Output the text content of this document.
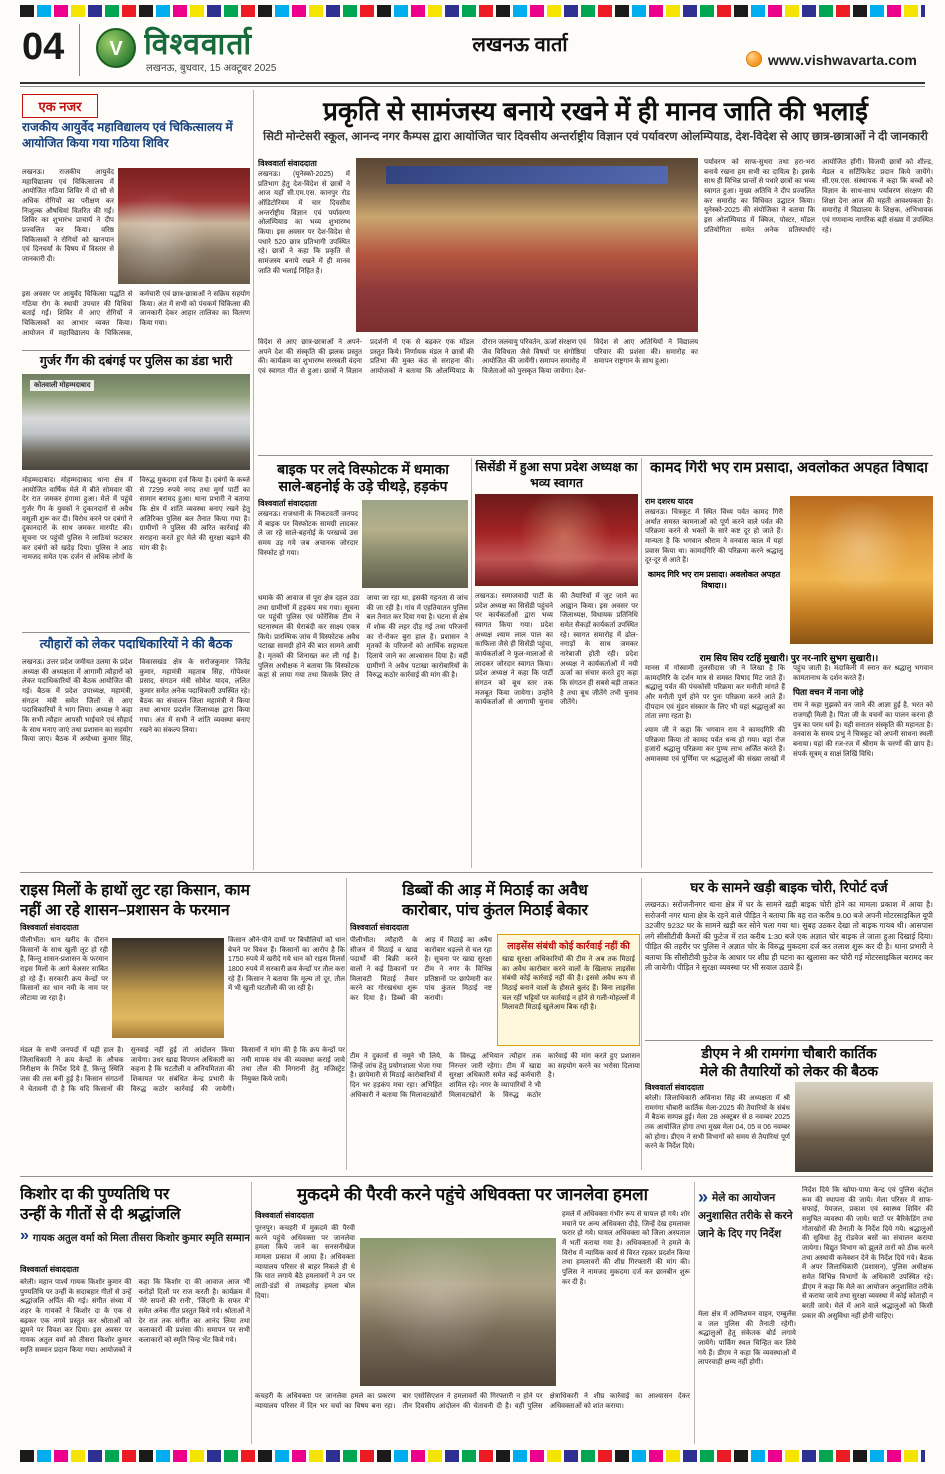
04	V विश्ववार्ता
लखनऊ, बुधवार, 15 अक्टूबर 2025
लखनऊ वार्ता
www.vishwavarta.com
एक नजर
राजकीय आयुर्वेद महाविद्यालय एवं चिकित्सालय में आयोजित किया गया गठिया शिविर
लखनऊ। राजकीय आयुर्वेद महाविद्यालय एवं चिकित्सालय में आयोजित गठिया शिविर में दो सौ से अधिक रोगियों का परीक्षण कर निःशुल्क औषधियां वितरित की गईं। शिविर का शुभारंभ प्राचार्य ने दीप प्रज्वलित कर किया। वरिष्ठ चिकित्सकों ने रोगियों को खानपान एवं दिनचर्या के विषय में विस्तार से जानकारी दी।
इस अवसर पर आयुर्वेद चिकित्सा पद्धति से गठिया रोग के स्थायी उपचार की विधियां बताई गईं। शिविर में आए रोगियों ने चिकित्सकों का आभार व्यक्त किया। आयोजन में महाविद्यालय के चिकित्सक, कर्मचारी एवं छात्र-छात्राओं ने सक्रिय सहयोग किया। अंत में सभी को पंचकर्म चिकित्सा की जानकारी देकर आहार तालिका का वितरण किया गया।
गुर्जर गैंग की दबंगई पर पुलिस का डंडा भारी
कोतवाली मोहम्मदाबाद
मोहम्मदाबाद। मोहम्मदाबाद थाना क्षेत्र में आयोजित वार्षिक मेले में बीते सोमवार की देर रात जमकर हंगामा हुआ। मेले में पहुंचे गुर्जर गैंग के युवकों ने दुकानदारों से अवैध वसूली शुरू कर दी। विरोध करने पर दबंगों ने दुकानदारों के साथ जमकर मारपीट की। सूचना पर पहुंची पुलिस ने लाठियां फटकार कर दबंगों को खदेड़ दिया। पुलिस ने आठ नामजद समेत एक दर्जन से अधिक लोगों के विरुद्ध मुकदमा दर्ज किया है। दबंगों के कब्जे से 7299 रुपये नगद तथा मुर्गा पार्टी का सामान बरामद हुआ। थाना प्रभारी ने बताया कि क्षेत्र में शांति व्यवस्था बनाए रखने हेतु अतिरिक्त पुलिस बल तैनात किया गया है। ग्रामीणों ने पुलिस की त्वरित कार्रवाई की सराहना करते हुए मेले की सुरक्षा बढ़ाने की मांग की है।
त्यौहारों को लेकर पदाधिकारियों ने की बैठक
लखनऊ। उत्तर प्रदेश जमीयत उलमा के प्रदेश अध्यक्ष की अध्यक्षता में आगामी त्यौहारों को लेकर पदाधिकारियों की बैठक आयोजित की गई। बैठक में प्रदेश उपाध्यक्ष, महामंत्री, संगठन मंत्री समेत जिलों से आए पदाधिकारियों ने भाग लिया। अध्यक्ष ने कहा कि सभी त्यौहार आपसी भाईचारे एवं सौहार्द के साथ मनाए जाएं तथा प्रशासन का सहयोग किया जाए। बैठक में अयोध्या कुमार सिंह, विकासखंड क्षेत्र के सरोजकुमार जितेंद्र कुमार, महामंत्री महताब सिंह, गोपेश्वर प्रसाद, संगठन मंत्री सोमेश यादव, ललित कुमार समेत अनेक पदाधिकारी उपस्थित रहे। बैठक का संचालन जिला महामंत्री ने किया तथा आभार प्रदर्शन जिलाध्यक्ष द्वारा किया गया। अंत में सभी ने शांति व्यवस्था बनाए रखने का संकल्प लिया।
प्रकृति से सामंजस्य बनाये रखने में ही मानव जाति की भलाई
सिटी मोन्टेसरी स्कूल, आनन्द नगर कैम्पस द्वारा आयोजित चार दिवसीय अन्तर्राष्ट्रीय विज्ञान एवं पर्यावरण ओलम्पियाड, देश-विदेश से आए छात्र-छात्राओं ने दी जानकारी
विश्ववार्ता संवाददाता
लखनऊ। (यूनेस्को-2025) में प्रतिभाग हेतु देश-विदेश से छात्रों ने आज यहाँ सी.एम.एस. कानपुर रोड ऑडिटोरियम में चार दिवसीय अन्तर्राष्ट्रीय विज्ञान एवं पर्यावरण ओलम्पियाड का भव्य शुभारम्भ किया। इस अवसर पर देश-विदेश से पधारे 520 छात्र प्रतिभागी उपस्थित रहे। छात्रों ने कहा कि प्रकृति से सामंजस्य बनाये रखने में ही मानव जाति की भलाई निहित है।
पर्यावरण को साफ-सुथरा तथा हरा-भरा बनाये रखना हम सभी का दायित्व है। इसके साथ ही विभिन्न प्रान्तों से पधारे छात्रों का भव्य स्वागत हुआ। मुख्य अतिथि ने दीप प्रज्वलित कर समारोह का विधिवत उद्घाटन किया। यूनेस्को-2025 की संयोजिका ने बताया कि इस ओलम्पियाड में क्विज, पोस्टर, मॉडल प्रतियोगिता समेत अनेक प्रतिस्पर्धाएं आयोजित होंगी। विजयी छात्रों को शील्ड, मेडल व सर्टिफिकेट प्रदान किये जायेंगे। सी.एम.एस. संस्थापक ने कहा कि बच्चों को विज्ञान के साथ-साथ पर्यावरण संरक्षण की शिक्षा देना आज की महती आवश्यकता है। समारोह में विद्यालय के शिक्षक, अभिभावक एवं गणमान्य नागरिक बड़ी संख्या में उपस्थित रहे।
विदेश से आए छात्र-छात्राओं ने अपने-अपने देश की संस्कृति की झलक प्रस्तुत की। कार्यक्रम का शुभारम्भ सरस्वती वंदना एवं स्वागत गीत से हुआ। छात्रों ने विज्ञान प्रदर्शनी में एक से बढ़कर एक मॉडल प्रस्तुत किये। निर्णायक मंडल ने छात्रों की प्रतिभा की मुक्त कंठ से सराहना की। आयोजकों ने बताया कि ओलम्पियाड के दौरान जलवायु परिवर्तन, ऊर्जा संरक्षण एवं जैव विविधता जैसे विषयों पर संगोष्ठियां आयोजित की जायेंगी। समापन समारोह में विजेताओं को पुरस्कृत किया जायेगा। देश-विदेश से आए अतिथियों ने विद्यालय परिवार की प्रशंसा की। समारोह का समापन राष्ट्रगान के साथ हुआ।
बाइक पर लदे विस्फोटक में धमाका
साले-बहनोई के उड़े चीथड़े, हड़कंप
विश्ववार्ता संवाददाता
लखनऊ। राजधानी के निकटवर्ती जनपद में बाइक पर विस्फोटक सामग्री लादकर ले जा रहे साले-बहनोई के परखच्चे उस समय उड़ गये जब अचानक जोरदार विस्फोट हो गया।
धमाके की आवाज से पूरा क्षेत्र दहल उठा तथा ग्रामीणों में हड़कंप मच गया। सूचना पर पहुंची पुलिस एवं फोरेंसिक टीम ने घटनास्थल की घेराबंदी कर साक्ष्य एकत्र किये। प्रारम्भिक जांच में विस्फोटक अवैध पटाखा सामग्री होने की बात सामने आयी है। मृतकों की शिनाख्त कर ली गई है। पुलिस अधीक्षक ने बताया कि विस्फोटक कहां से लाया गया तथा किसके लिए ले जाया जा रहा था, इसकी गहनता से जांच की जा रही है। गांव में एहतियातन पुलिस बल तैनात कर दिया गया है। घटना से क्षेत्र में शोक की लहर दौड़ गई तथा परिजनों का रो-रोकर बुरा हाल है। प्रशासन ने मृतकों के परिजनों को आर्थिक सहायता दिलाये जाने का आश्वासन दिया है। वहीं ग्रामीणों ने अवैध पटाखा कारोबारियों के विरुद्ध कठोर कार्रवाई की मांग की है।
सिसेंडी में हुआ सपा प्रदेश अध्यक्ष का भव्य स्वागत
लखनऊ। समाजवादी पार्टी के प्रदेश अध्यक्ष का सिसेंडी पहुंचने पर कार्यकर्ताओं द्वारा भव्य स्वागत किया गया। प्रदेश अध्यक्ष श्याम लाल पाल का काफिला जैसे ही सिसेंडी पहुंचा, कार्यकर्ताओं ने फूल-मालाओं से लादकर जोरदार स्वागत किया। प्रदेश अध्यक्ष ने कहा कि पार्टी संगठन को बूथ स्तर तक मजबूत किया जायेगा। उन्होंने कार्यकर्ताओं से आगामी चुनाव की तैयारियों में जुट जाने का आह्वान किया। इस अवसर पर जिलाध्यक्ष, विधायक प्रतिनिधि समेत सैकड़ों कार्यकर्ता उपस्थित रहे। स्वागत समारोह में ढोल-नगाड़ों के साथ जमकर नारेबाजी होती रही। प्रदेश अध्यक्ष ने कार्यकर्ताओं में नयी ऊर्जा का संचार करते हुए कहा कि संगठन ही सबसे बड़ी ताकत है तथा बूथ जीतेंगे तभी चुनाव जीतेंगे।
कामद गिरी भए राम प्रसादा, अवलोकत अपहत विषादा
राम दशरथ यादव
लखनऊ। चित्रकूट में स्थित विंध्य पर्वत कामद गिरी अर्थात समस्त कामनाओं को पूर्ण करने वाले पर्वत की परिक्रमा करने से भक्तों के सारे कष्ट दूर हो जाते हैं। मान्यता है कि भगवान श्रीराम ने वनवास काल में यहां प्रवास किया था। कामदगिरि की परिक्रमा करने श्रद्धालु दूर-दूर से आते हैं।
कामद गिरि भए राम प्रसादा। अवलोकत अपहत विषादा।।
राम सिय सिय रटहिं मुखारी। पुर नर-नारि सुभग सुखारी।।

मानस में गोस्वामी तुलसीदास जी ने लिखा है कि कामदगिरि के दर्शन मात्र से समस्त विषाद मिट जाते हैं। श्रद्धालु पर्वत की पंचकोसी परिक्रमा कर मनौती मांगते हैं और मनौती पूर्ण होने पर पुनः परिक्रमा करने आते हैं। दीपदान एवं मुंडन संस्कार के लिए भी यहां श्रद्धालुओं का तांता लगा रहता है।

श्याम जी ने कहा कि भगवान राम ने कामदगिरि की परिक्रमा किया तो कामद पर्वत धन्य हो गया। यहां रोज हजारों श्रद्धालु परिक्रमा कर पुण्य लाभ अर्जित करते हैं। अमावस्या एवं पूर्णिमा पर श्रद्धालुओं की संख्या लाखों में पहुंच जाती है। मंदाकिनी में स्नान कर श्रद्धालु भगवान कामतानाथ के दर्शन करते हैं।

पिता वचन में नाना जोड़े

राम ने कहा मुझको वन जाने की आज्ञा हुई है, भरत को राजगद्दी मिली है। पिता जी के वचनों का पालन करना ही पुत्र का परम धर्म है। यही सनातन संस्कृति की महानता है। वनवास के समय प्रभु ने चित्रकूट को अपनी साधना स्थली बनाया। यहां की रज-रज में श्रीराम के चरणों की छाप है। संपर्क सूत्रम् व साक्षं लिखिं विधि।

राइस मिलों के हाथों लुट रहा किसान, काम
नहीं आ रहे शासन–प्रशासन के फरमान
विश्ववार्ता संवाददाता
पीलीभीत। धान खरीद के दौरान किसानों के साथ खुली लूट हो रही है, किन्तु शासन-प्रशासन के फरमान राइस मिलों के आगे बेअसर साबित हो रहे हैं। सरकारी क्रय केन्द्रों पर किसानों का धान नमी के नाम पर लौटाया जा रहा है।
किसान औने-पौने दामों पर बिचौलियों को धान बेचने पर विवश हैं। किसानों का आरोप है कि 1750 रुपये में खरीदे गये धान को राइस मिलर्स 1800 रुपये में सरकारी क्रय केन्द्रों पर तौल करा रहे हैं। किसान ने बताया कि मूल्य तो दूर, तौल में भी खुली घटतौली की जा रही है।
मंडल के सभी जनपदों में यही हाल है। जिलाधिकारी ने क्रय केन्द्रों के औचक निरीक्षण के निर्देश दिये हैं, किन्तु स्थिति जस की तस बनी हुई है। किसान संगठनों ने चेतावनी दी है कि यदि किसानों की सुनवाई नहीं हुई तो आंदोलन किया जायेगा। उधर खाद्य विपणन अधिकारी का कहना है कि घटतौली व अनियमितता की शिकायत पर संबंधित केन्द्र प्रभारी के विरुद्ध कठोर कार्रवाई की जायेगी। किसानों ने मांग की है कि क्रय केन्द्रों पर नमी मापक यंत्र की व्यवस्था कराई जाये तथा तौल की निगरानी हेतु मजिस्ट्रेट नियुक्त किये जायें।
डिब्बों की आड़ में मिठाई का अवैध
कारोबार, पांच कुंतल मिठाई बेकार
विश्ववार्ता संवाददाता
पीलीभीत। त्यौहारी के सीजन में मिठाई व खाद्य पदार्थों की बिक्री करने वालों ने कई ठिकानों पर मिलावटी मिठाई तैयार करने का गोरखधंधा शुरू कर दिया है। डिब्बों की आड़ में मिठाई का अवैध कारोबार धड़ल्ले से चल रहा है। सूचना पर खाद्य सुरक्षा टीम ने नगर के विभिन्न प्रतिष्ठानों पर छापेमारी कर पांच कुंतल मिठाई नष्ट करायी।
लाइसेंस संबंधी कोई कार्रवाई नहीं की
खाद्य सुरक्षा अधिकारियों की टीम ने अब तक मिठाई का अवैध कारोबार करने वालों के खिलाफ लाइसेंस संबंधी कोई कार्रवाई नहीं की है। इससे अवैध रूप से मिठाई बनाने वालों के हौसले बुलंद हैं। बिना लाइसेंस चल रहीं भट्टियों पर कार्रवाई न होने से गली-मोहल्लों में मिलावटी मिठाई खुलेआम बिक रही है।
टीम ने दुकानों से नमूने भी लिये, जिन्हें जांच हेतु प्रयोगशाला भेजा गया है। छापेमारी से मिठाई कारोबारियों में दिन भर हड़कंप मचा रहा। अभिहित अधिकारी ने बताया कि मिलावटखोरों के विरुद्ध अभियान त्यौहार तक निरन्तर जारी रहेगा। टीम में खाद्य सुरक्षा अधिकारी समेत कई कर्मचारी शामिल रहे। नगर के व्यापारियों ने भी मिलावटखोरों के विरुद्ध कठोर कार्रवाई की मांग करते हुए प्रशासन का सहयोग करने का भरोसा दिलाया है।
घर के सामने खड़ी बाइक चोरी, रिपोर्ट दर्ज
लखनऊ। सरोजनीनगर थाना क्षेत्र में घर के सामने खड़ी बाइक चोरी होने का मामला प्रकाश में आया है। सरोजनी नगर थाना क्षेत्र के रहने वाले पीड़ित ने बताया कि वह रात करीब 9.00 बजे अपनी मोटरसाइकिल यूपी 32जीए 9232 घर के सामने खड़ी कर सोने चला गया था। सुबह उठकर देखा तो बाइक गायब थी। आसपास लगे सीसीटीवी कैमरों की फुटेज में रात करीब 1:30 बजे एक अज्ञात चोर बाइक ले जाता हुआ दिखाई दिया। पीड़ित की तहरीर पर पुलिस ने अज्ञात चोर के विरुद्ध मुकदमा दर्ज कर तलाश शुरू कर दी है। थाना प्रभारी ने बताया कि सीसीटीवी फुटेज के आधार पर शीघ्र ही घटना का खुलासा कर चोरी गई मोटरसाइकिल बरामद कर ली जायेगी। पीड़ित ने सुरक्षा व्यवस्था पर भी सवाल उठाये हैं।
डीएम ने श्री रामगंगा चौबारी कार्तिक
मेले की तैयारियों को लेकर की बैठक
विश्ववार्ता संवाददाता
बरेली। जिलाधिकारी अविनाश सिंह की अध्यक्षता में श्री रामगंगा चौबारी कार्तिक मेला-2025 की तैयारियों के संबंध में बैठक सम्पन्न हुई। मेला 28 अक्टूबर से 8 नवम्बर 2025 तक आयोजित होगा तथा मुख्य मेला 04, 05 व 06 नवम्बर को होगा। डीएम ने सभी विभागों को समय से तैयारियां पूर्ण करने के निर्देश दिये।
किशोर दा की पुण्यतिथि पर
उन्हीं के गीतों से दी श्रद्धांजलि
» गायक अतुल वर्मा को मिला तीसरा किशोर कुमार स्मृति सम्मान
विश्ववार्ता संवाददाता
बरेली। महान पार्श्व गायक किशोर कुमार की पुण्यतिथि पर उन्हीं के सदाबहार गीतों से उन्हें श्रद्धांजलि अर्पित की गई। संगीत संध्या में शहर के गायकों ने किशोर दा के एक से बढ़कर एक नगमे प्रस्तुत कर श्रोताओं को झूमने पर विवश कर दिया। इस अवसर पर गायक अतुल वर्मा को तीसरा किशोर कुमार स्मृति सम्मान प्रदान किया गया। आयोजकों ने कहा कि किशोर दा की आवाज आज भी करोड़ों दिलों पर राज करती है। कार्यक्रम में 'मेरे सपनों की रानी', 'जिंदगी के सफर में' समेत अनेक गीत प्रस्तुत किये गये। श्रोताओं ने देर रात तक संगीत का आनंद लिया तथा कलाकारों की प्रशंसा की। समापन पर सभी कलाकारों को स्मृति चिन्ह भेंट किये गये।
मुकदमे की पैरवी करने पहुंचे अधिवक्ता पर जानलेवा हमला
विश्ववार्ता संवाददाता
पूरनपुर। कचहरी में मुकदमे की पैरवी करने पहुंचे अधिवक्ता पर जानलेवा हमला किये जाने का सनसनीखेज मामला प्रकाश में आया है। अधिवक्ता न्यायालय परिसर से बाहर निकले ही थे कि घात लगाये बैठे हमलावरों ने उन पर लाठी-डंडों से ताबड़तोड़ हमला बोल दिया।
हमले में अधिवक्ता गंभीर रूप से घायल हो गये। शोर मचाने पर अन्य अधिवक्ता दौड़े, जिन्हें देख हमलावर फरार हो गये। घायल अधिवक्ता को जिला अस्पताल में भर्ती कराया गया है। अधिवक्ताओं ने हमले के विरोध में न्यायिक कार्य से विरत रहकर प्रदर्शन किया तथा हमलावरों की शीघ्र गिरफ्तारी की मांग की। पुलिस ने नामजद मुकदमा दर्ज कर छानबीन शुरू कर दी है।
कचहरी के अधिवक्ता पर जानलेवा हमले का प्रकरण न्यायालय परिसर में दिन भर चर्चा का विषय बना रहा। बार एसोसिएशन ने हमलावरों की गिरफ्तारी न होने पर तीन दिवसीय आंदोलन की चेतावनी दी है। वहीं पुलिस क्षेत्राधिकारी ने शीघ्र कार्रवाई का आश्वासन देकर अधिवक्ताओं को शांत कराया।
» मेले का आयोजन अनुशासित तरीके से करने जाने के दिए गए निर्देश
मेला क्षेत्र में अग्निशमन वाहन, एम्बुलेंस व जल पुलिस की तैनाती रहेगी। श्रद्धालुओं हेतु संकेतक बोर्ड लगाये जायेंगे। पार्किंग स्थल चिन्हित कर लिये गये हैं। डीएम ने कहा कि व्यवस्थाओं में लापरवाही क्षम्य नहीं होगी।
निर्देश दिये कि खोया-पाया केन्द्र एवं पुलिस कंट्रोल रूम की स्थापना की जाये। मेला परिसर में साफ-सफाई, पेयजल, प्रकाश एवं स्वास्थ्य शिविर की समुचित व्यवस्था की जाये। घाटों पर बैरिकेडिंग तथा गोताखोरों की तैनाती के निर्देश दिये गये। श्रद्धालुओं की सुविधा हेतु रोडवेज बसों का संचालन कराया जायेगा। विद्युत विभाग को झूलते तारों को ठीक करने तथा अस्थायी कनेक्शन देने के निर्देश दिये गये। बैठक में अपर जिलाधिकारी (प्रशासन), पुलिस अधीक्षक समेत विभिन्न विभागों के अधिकारी उपस्थित रहे। डीएम ने कहा कि मेले का आयोजन अनुशासित तरीके से कराया जाये तथा सुरक्षा व्यवस्था में कोई कोताही न बरती जाये। मेले में आने वाले श्रद्धालुओं को किसी प्रकार की असुविधा नहीं होनी चाहिए।
